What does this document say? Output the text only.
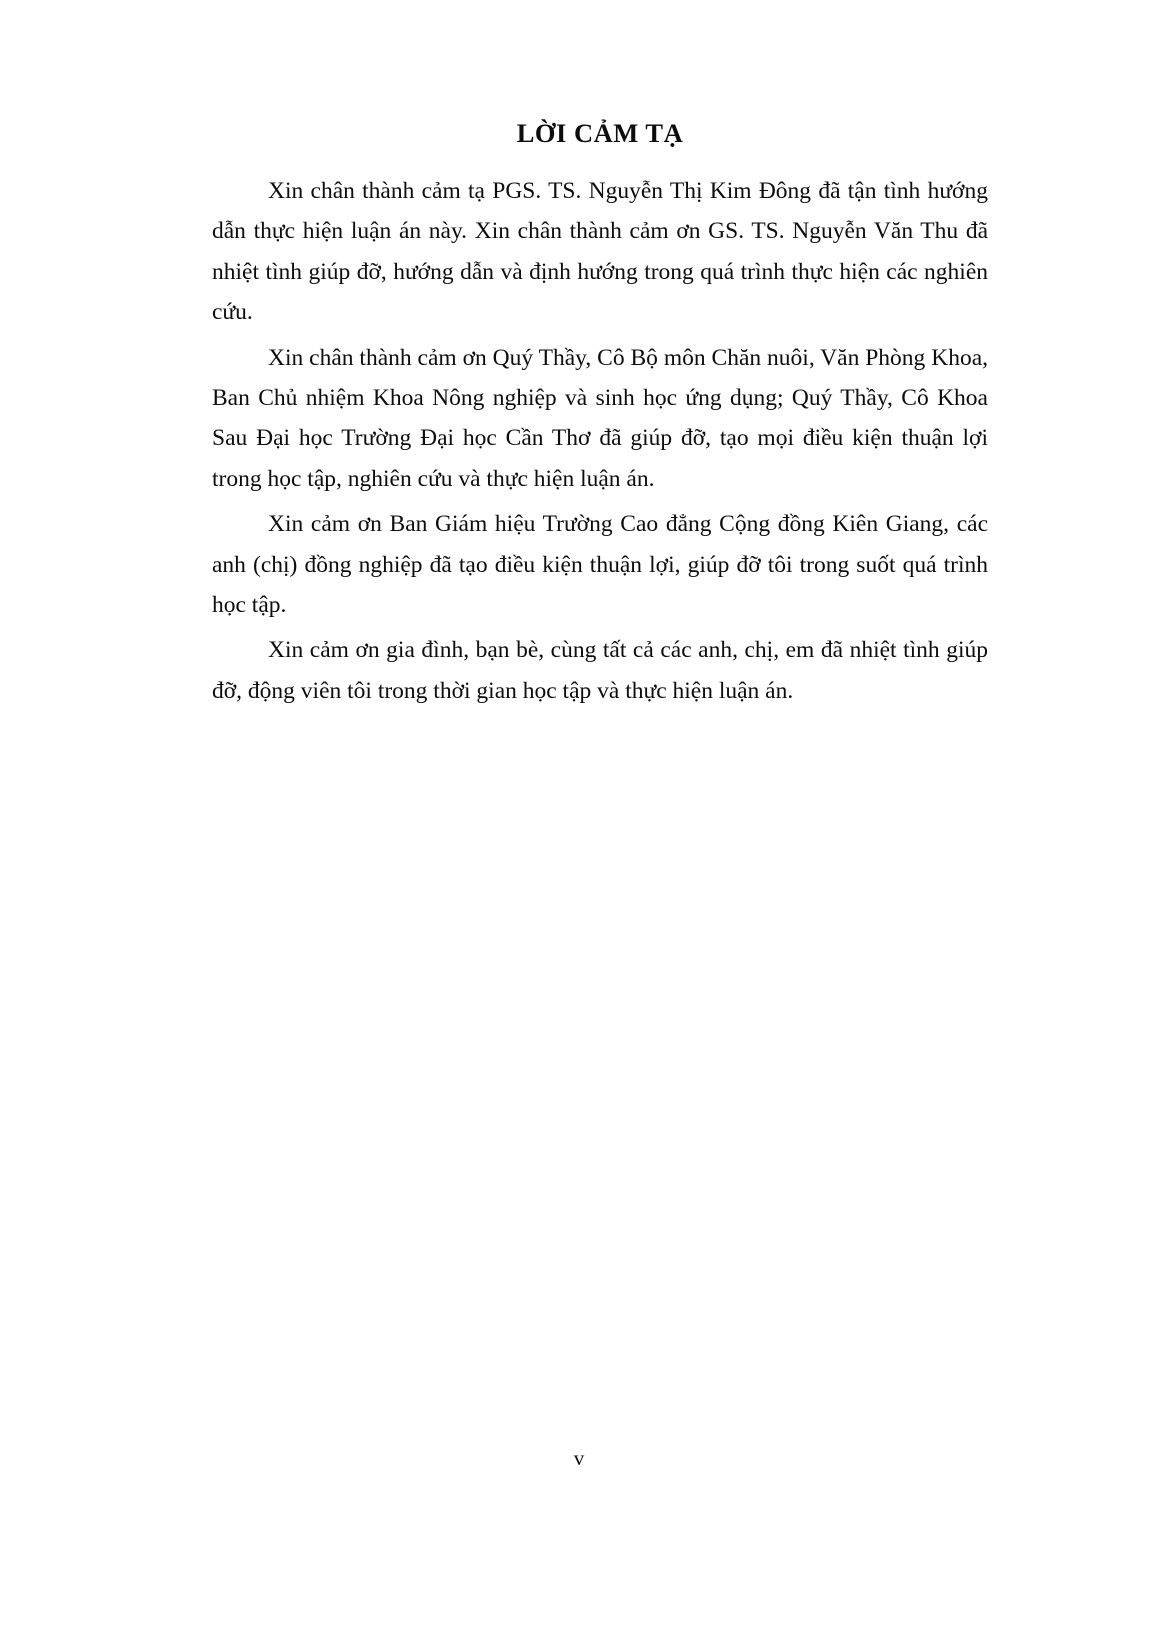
LỜI CẢM TẠ

Xin chân thành cảm tạ PGS. TS. Nguyễn Thị Kim Đông đã tận tình hướng dẫn thực hiện luận án này. Xin chân thành cảm ơn GS. TS. Nguyễn Văn Thu đã nhiệt tình giúp đỡ, hướng dẫn và định hướng trong quá trình thực hiện các nghiên cứu.

Xin chân thành cảm ơn Quý Thầy, Cô Bộ môn Chăn nuôi, Văn Phòng Khoa, Ban Chủ nhiệm Khoa Nông nghiệp và sinh học ứng dụng; Quý Thầy, Cô Khoa Sau Đại học Trường Đại học Cần Thơ đã giúp đỡ, tạo mọi điều kiện thuận lợi trong học tập, nghiên cứu và thực hiện luận án.

Xin cảm ơn Ban Giám hiệu Trường Cao đẳng Cộng đồng Kiên Giang, các anh (chị) đồng nghiệp đã tạo điều kiện thuận lợi, giúp đỡ tôi trong suốt quá trình học tập.

Xin cảm ơn gia đình, bạn bè, cùng tất cả các anh, chị, em đã nhiệt tình giúp đỡ, động viên tôi trong thời gian học tập và thực hiện luận án.

v
